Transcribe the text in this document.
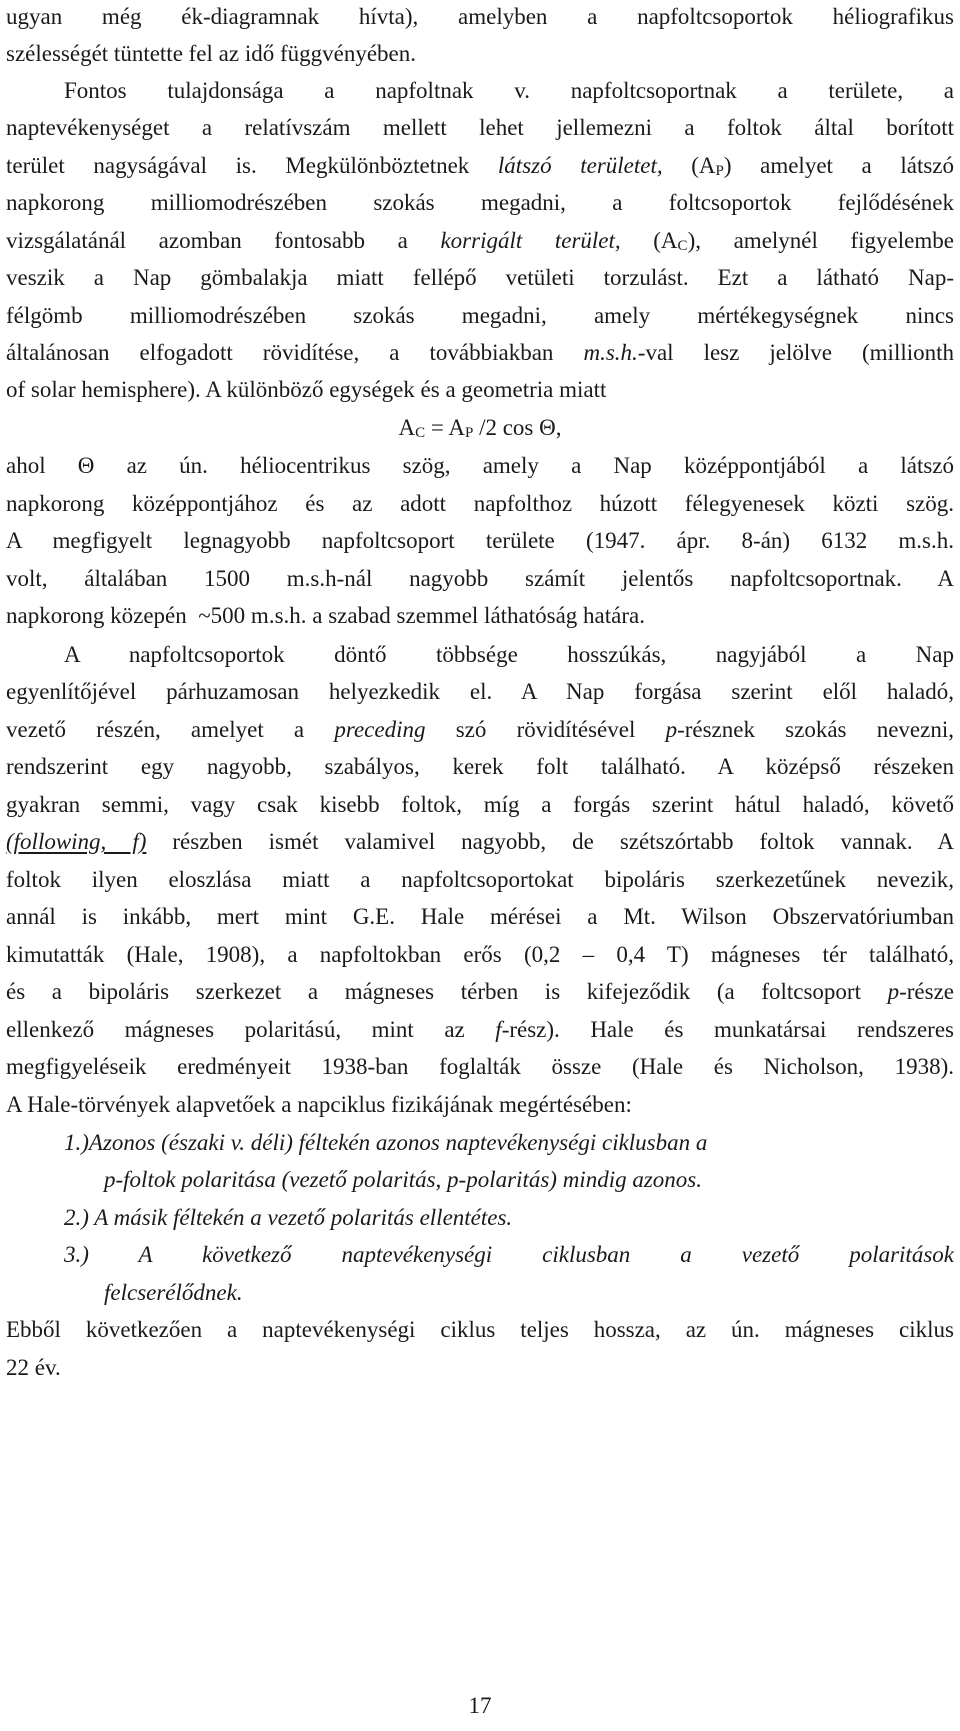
ugyan még ék-diagramnak hívta), amelyben a napfoltcsoportok héliografikus
szélességét tüntette fel az idő függvényében.
Fontos tulajdonsága a napfoltnak v. napfoltcsoportnak a területe, a
naptevékenységet a relatívszám mellett lehet jellemezni a foltok által borított
terület nagyságával is. Megkülönböztetnek látszó területet, (AP) amelyet a látszó
napkorong milliomodrészében szokás megadni, a foltcsoportok fejlődésének
vizsgálatánál azomban fontosabb a korrigált terület, (AC), amelynél figyelembe
veszik a Nap gömbalakja miatt fellépő vetületi torzulást. Ezt a látható Nap-
félgömb milliomodrészében szokás megadni, amely mértékegységnek nincs
általánosan elfogadott rövidítése, a továbbiakban m.s.h.-val lesz jelölve (millionth
of solar hemisphere). A különböző egységek és a geometria miatt
AC = AP /2 cos Θ,
ahol Θ az ún. héliocentrikus szög, amely a Nap középpontjából a látszó
napkorong középpontjához és az adott napfolthoz húzott félegyenesek közti szög.
A megfigyelt legnagyobb napfoltcsoport területe (1947. ápr. 8-án) 6132 m.s.h.
volt, általában 1500 m.s.h-nál nagyobb számít jelentős napfoltcsoportnak. A
napkorong közepén  ~500 m.s.h. a szabad szemmel láthatóság határa.
A napfoltcsoportok döntő többsége hosszúkás, nagyjából a Nap
egyenlítőjével párhuzamosan helyezkedik el. A Nap forgása szerint elől haladó,
vezető részén, amelyet a preceding szó rövidítésével p-résznek szokás nevezni,
rendszerint egy nagyobb, szabályos, kerek folt található. A középső részeken
gyakran semmi, vagy csak kisebb foltok, míg a forgás szerint hátul haladó, követő
(following, f) részben ismét valamivel nagyobb, de szétszórtabb foltok vannak. A
foltok ilyen eloszlása miatt a napfoltcsoportokat bipoláris szerkezetűnek nevezik,
annál is inkább, mert mint G.E. Hale mérései a Mt. Wilson Obszervatóriumban
kimutatták (Hale, 1908), a napfoltokban erős (0,2 – 0,4 T) mágneses tér található,
és a bipoláris szerkezet a mágneses térben is kifejeződik (a foltcsoport p-része
ellenkező mágneses polaritású, mint az f-rész). Hale és munkatársai rendszeres
megfigyeléseik eredményeit 1938-ban foglalták össze (Hale és Nicholson, 1938).
A Hale-törvények alapvetőek a napciklus fizikájának megértésében:
1.)Azonos (északi v. déli) féltekén azonos naptevékenységi ciklusban a
p-foltok polaritása (vezető polaritás, p-polaritás) mindig azonos.
2.) A másik féltekén a vezető polaritás ellentétes.
3.) A következő naptevékenységi ciklusban a vezető polaritások
felcserélődnek.
Ebből következően a naptevékenységi ciklus teljes hossza, az ún. mágneses ciklus
22 év.
17
